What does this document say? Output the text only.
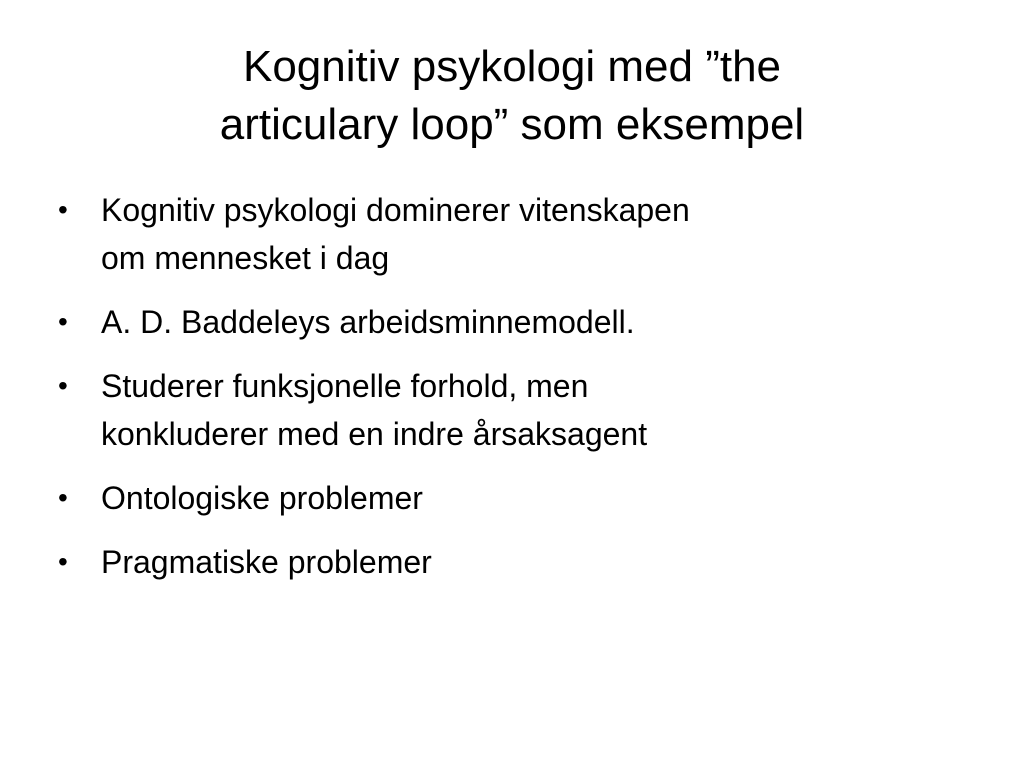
Kognitiv psykologi med ”the
articulary loop” som eksempel
• Kognitiv psykologi dominerer vitenskapen
om mennesket i dag
• A. D. Baddeleys arbeidsminnemodell.
• Studerer funksjonelle forhold, men
konkluderer med en indre årsaksagent
• Ontologiske problemer
• Pragmatiske problemer
